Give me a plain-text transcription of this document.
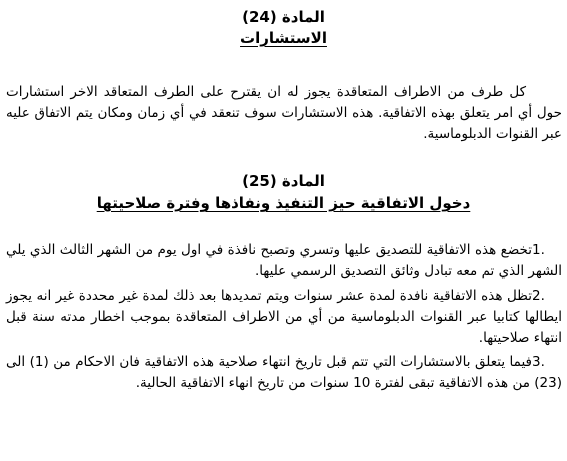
المادة (24)
الاستشارات
كل طرف من الاطراف المتعاقدة يجوز له ان يقترح على الطرف المتعاقد الاخر استشارات حول أي امر يتعلق بهذه الاتفاقية. هذه الاستشارات سوف تنعقد في أي زمان ومكان يتم الاتفاق عليه عبر القنوات الدبلوماسية.
المادة (25)
دخول الاتفاقية حيز التنفيذ ونفاذها وفترة صلاحيتها
1.تخضع هذه الاتفاقية للتصديق عليها وتسري وتصبح نافذة في اول يوم من الشهر الثالث الذي يلي الشهر الذي تم معه تبادل وثائق التصديق الرسمي عليها.
2.تظل هذه الاتفاقية نافدة لمدة عشر سنوات ويتم تمديدها بعد ذلك لمدة غير محددة غير انه يجوز ايطالها كتابيا عبر القنوات الدبلوماسية من أي من الاطراف المتعاقدة بموجب اخطار مدته سنة قبل انتهاء صلاحيتها.
3.فيما يتعلق بالاستشارات التي تتم قبل تاريخ انتهاء صلاحية هذه الاتفاقية فان الاحكام من (1) الى (23) من هذه الاتفاقية تبقى لفترة 10 سنوات من تاريخ انهاء الاتفاقية الحالية.
